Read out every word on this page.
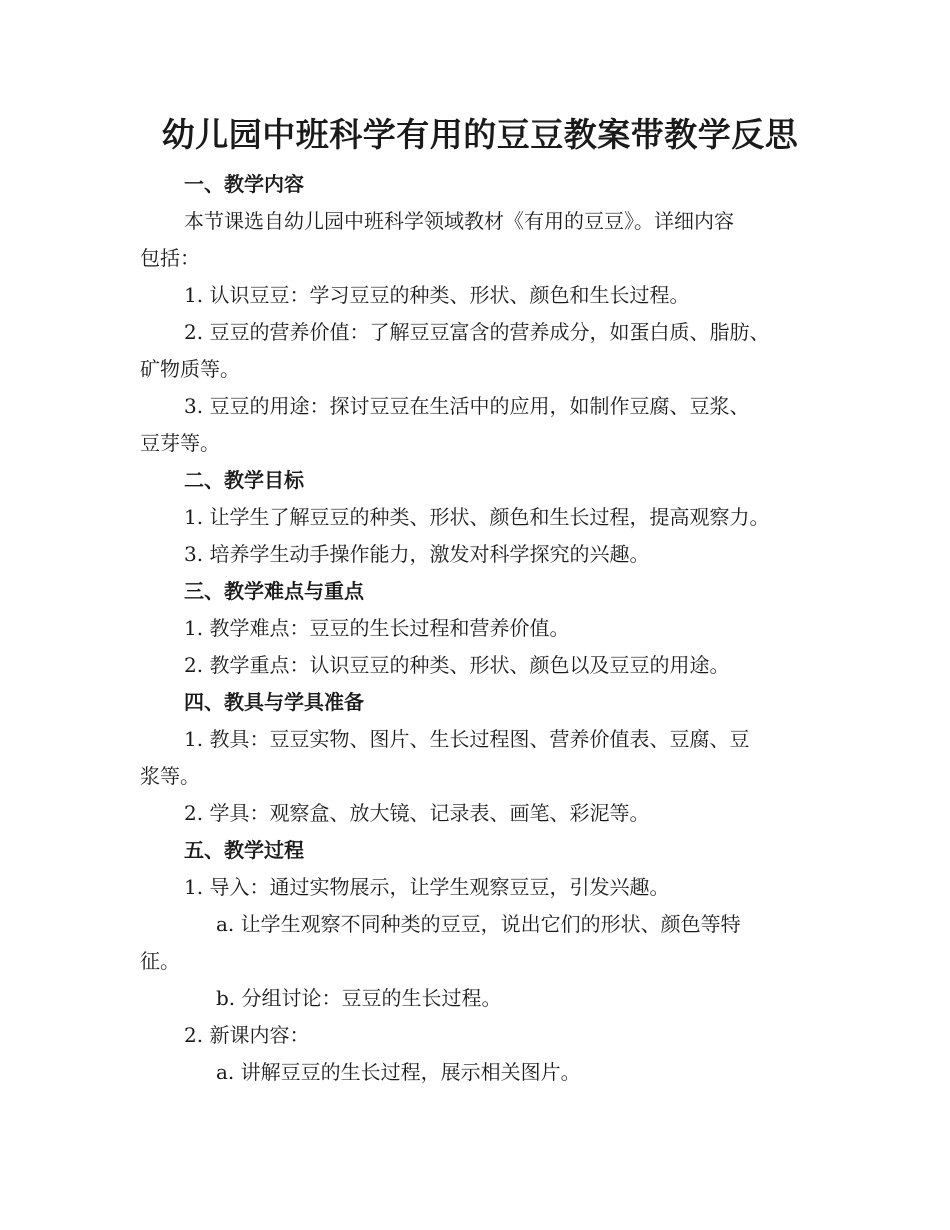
幼儿园中班科学有用的豆豆教案带教学反思

一、教学内容

本节课选自幼儿园中班科学领域教材《有用的豆豆》。详细内容

包括：

1. 认识豆豆：学习豆豆的种类、形状、颜色和生长过程。

2. 豆豆的营养价值：了解豆豆富含的营养成分，如蛋白质、脂肪、

矿物质等。

3. 豆豆的用途：探讨豆豆在生活中的应用，如制作豆腐、豆浆、

豆芽等。

二、教学目标

1. 让学生了解豆豆的种类、形状、颜色和生长过程，提高观察力。

3. 培养学生动手操作能力，激发对科学探究的兴趣。

三、教学难点与重点

1. 教学难点：豆豆的生长过程和营养价值。

2. 教学重点：认识豆豆的种类、形状、颜色以及豆豆的用途。

四、教具与学具准备

1. 教具：豆豆实物、图片、生长过程图、营养价值表、豆腐、豆

浆等。

2. 学具：观察盒、放大镜、记录表、画笔、彩泥等。

五、教学过程

1. 导入：通过实物展示，让学生观察豆豆，引发兴趣。

a. 让学生观察不同种类的豆豆，说出它们的形状、颜色等特

征。

b. 分组讨论：豆豆的生长过程。

2. 新课内容：

a. 讲解豆豆的生长过程，展示相关图片。
